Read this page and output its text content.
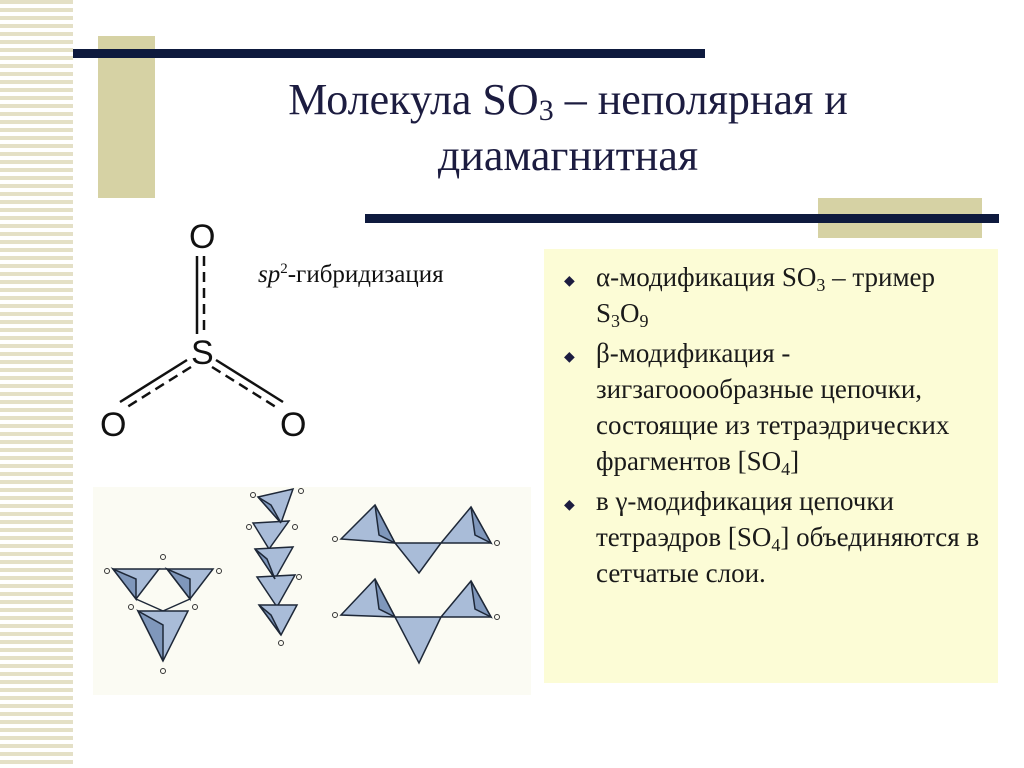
Молекула $SO_3$ – неполярная и
диамагнитная
O
S
O	O
$sp^2$-гибридизация	◆ α-модификация $SO_3$ – тример $S_3O_9$
◆ β-модификация - зигзагооообразные цепочки, состоящие из тетраэдрических фрагментов $[SO_4]$
◆ в γ-модификация цепочки тетраэдров $[SO_4]$ объединяются в сетчатые слои.
